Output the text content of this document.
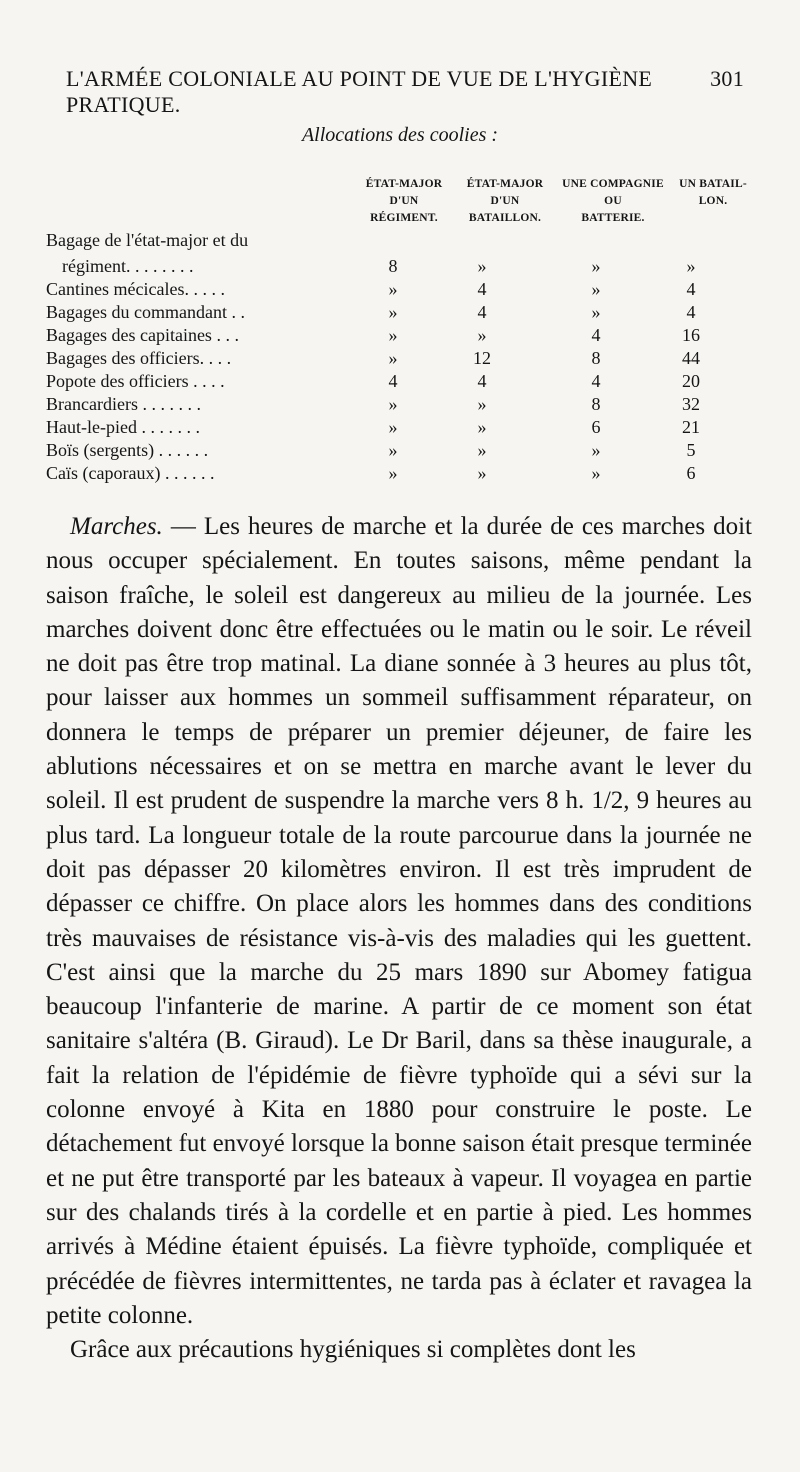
L'ARMÉE COLONIALE AU POINT DE VUE DE L'HYGIÈNE PRATIQUE.
301
Allocations des coolies :
ÉTAT-MAJOR
D'UN
RÉGIMENT.
ÉTAT-MAJOR
D'UN
BATAILLON.
UNE COMPAGNIE
OU
BATTERIE.
UN BATAIL-
LON.
Bagage de l'état-major et du
régiment. . . . . . . .	8	»	»	»
Cantines mécicales. . . . .	»	4	»	4
Bagages du commandant . .	»	4	»	4
Bagages des capitaines . . .	»	»	4	16
Bagages des officiers. . . .	»	12	8	44
Popote des officiers . . . .	4	4	4	20
Brancardiers . . . . . . .	»	»	8	32
Haut-le-pied . . . . . . .	»	»	6	21
Boïs (sergents) . . . . . .	»	»	»	5
Caïs (caporaux) . . . . . .	»	»	»	6

Marches. — Les heures de marche et la durée de ces marches doit nous occuper spécialement. En toutes saisons, même pendant la saison fraîche, le soleil est dangereux au milieu de la journée. Les marches doivent donc être effectuées ou le matin ou le soir. Le réveil ne doit pas être trop matinal. La diane sonnée à 3 heures au plus tôt, pour laisser aux hommes un sommeil suffisamment réparateur, on donnera le temps de préparer un premier déjeuner, de faire les ablutions nécessaires et on se mettra en marche avant le lever du soleil. Il est prudent de suspendre la marche vers 8 h. 1/2, 9 heures au plus tard. La longueur totale de la route parcourue dans la journée ne doit pas dépasser 20 kilomètres environ. Il est très imprudent de dépasser ce chiffre. On place alors les hommes dans des conditions très mauvaises de résistance vis-à-vis des maladies qui les guettent. C'est ainsi que la marche du 25 mars 1890 sur Abomey fatigua beaucoup l'infanterie de marine. A partir de ce moment son état sanitaire s'altéra (B. Giraud). Le Dr Baril, dans sa thèse inaugurale, a fait la relation de l'épidémie de fièvre typhoïde qui a sévi sur la colonne envoyé à Kita en 1880 pour construire le poste. Le détachement fut envoyé lorsque la bonne saison était presque terminée et ne put être transporté par les bateaux à vapeur. Il voyagea en partie sur des chalands tirés à la cordelle et en partie à pied. Les hommes arrivés à Médine étaient épuisés. La fièvre typhoïde, compliquée et précédée de fièvres intermittentes, ne tarda pas à éclater et ravagea la petite colonne.

Grâce aux précautions hygiéniques si complètes dont les
